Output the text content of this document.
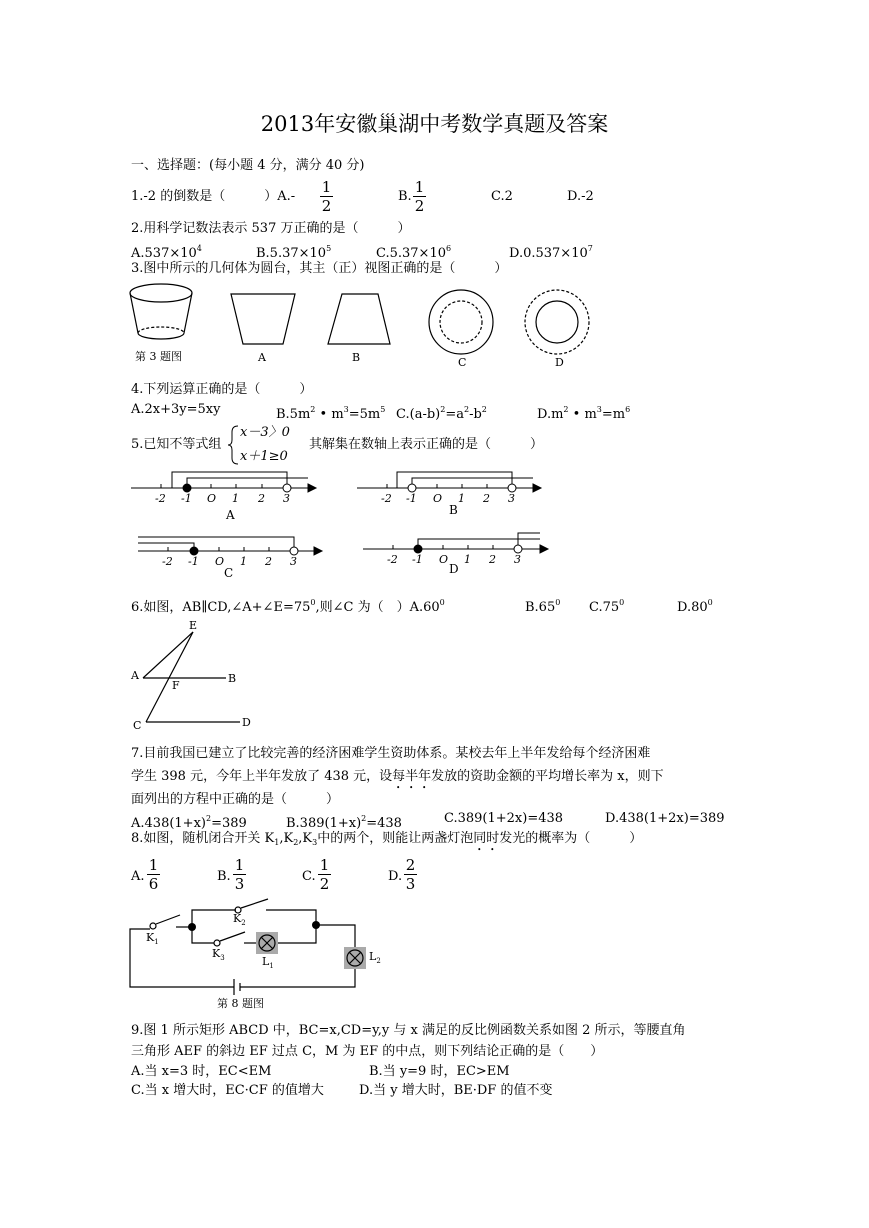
2013年安徽巢湖中考数学真题及答案
一、选择题：(每小题 4 分，满分 40 分)
1.-2 的倒数是（　　　）A.-
1
2
B.
1
2
C.2	D.-2
2.用科学记数法表示 537 万正确的是（　　　）
$A.537\times 10^4$	$B.5.37\times 10^5$	$C.5.37\times 10^6$	$D.0.537\times 10^7$
3.图中所示的几何体为圆台，其主（正）视图正确的是（　　　）
第 3 题图	A	B	C	D
4.下列运算正确的是（　　　）
A.2x+3y=5xy	$B.5m^2$ • $m^3=5m^5$ $C.(a-b)^2=a^2-b^2$	$D.m^2$ • $m^3=m^6$
5.已知不等式组
x－3〉0
x＋1≥0
其解集在数轴上表示正确的是（　　　）
-2 -1 O 1 2 3
A
-2 -1 O 1 2 3
B
-2 -1 O 1 2 3
C
-2 -1 O 1 2 3
D
6.如图，$AB\parallel CD,\angle A+\angle E=75^0$,则∠C 为（　）$A.60^0$	$B.65^0$ $C.75^0$	$D.80^0$
E
A
F
B
C	D
7.目前我国已建立了比较完善的经济困难学生资助体系。某校去年上半年发给每个经济困难
学生 398 元，今年上半年发放了 438 元，设每半年发放的资助金额的平均增长率为 x，则下
面列出的方程中正确的是（　　　）
$A.438(1+x)^2=389$	$B.389(1+x)^2=438$	C.389(1+2x)=438	D.438(1+2x)=389
8.如图，随机闭合开关 $K_1,K_2,K_3$中的两个，则能让两盏灯泡同时发光的概率为（　　　）
A.
1
6	B.
1
3	C.
1
2	D.
2
3
$K_1$
$K_2$
$K_3$	$L_1$
$L_2$
第 8 题图
9.图 1 所示矩形 ABCD 中，BC=x,CD=y,y 与 x 满足的反比例函数关系如图 2 所示，等腰直角
三角形 AEF 的斜边 EF 过点 C，M 为 EF 的中点，则下列结论正确的是（　　）
A.当 x=3 时，EC<EM	B.当 y=9 时，EC>EM
C.当 x 增大时，EC·CF 的值增大	D.当 y 增大时，BE·DF 的值不变
